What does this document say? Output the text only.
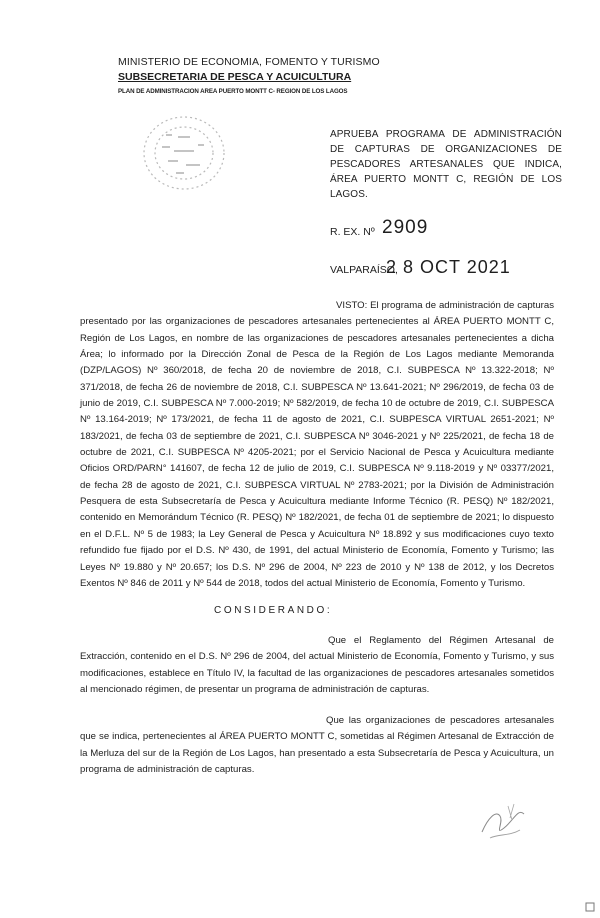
MINISTERIO DE ECONOMIA, FOMENTO Y TURISMO
SUBSECRETARIA DE PESCA Y ACUICULTURA
PLAN DE ADMINISTRACION AREA PUERTO MONTT C- REGION DE LOS LAGOS
APRUEBA PROGRAMA DE ADMINISTRACIÓN DE CAPTURAS DE ORGANIZACIONES DE PESCADORES ARTESANALES QUE INDICA, ÁREA PUERTO MONTT C, REGIÓN DE LOS LAGOS.
R. EX. Nº 2909
VALPARAÍSO,
2 8 OCT 2021
VISTO: El programa de administración de capturas presentado por las organizaciones de pescadores artesanales pertenecientes al ÁREA PUERTO MONTT C, Región de Los Lagos, en nombre de las organizaciones de pescadores artesanales pertenecientes a dicha Área; lo informado por la Dirección Zonal de Pesca de la Región de Los Lagos mediante Memoranda (DZP/LAGOS) Nº 360/2018, de fecha 20 de noviembre de 2018, C.I. SUBPESCA Nº 13.322-2018; Nº 371/2018, de fecha 26 de noviembre de 2018, C.I. SUBPESCA Nº 13.641-2021; Nº 296/2019, de fecha 03 de junio de 2019, C.I. SUBPESCA Nº 7.000-2019; Nº 582/2019, de fecha 10 de octubre de 2019, C.I. SUBPESCA Nº 13.164-2019; Nº 173/2021, de fecha 11 de agosto de 2021, C.I. SUBPESCA VIRTUAL 2651-2021; Nº 183/2021, de fecha 03 de septiembre de 2021, C.I. SUBPESCA Nº 3046-2021 y Nº 225/2021, de fecha 18 de octubre de 2021, C.I. SUBPESCA Nº 4205-2021; por el Servicio Nacional de Pesca y Acuicultura mediante Oficios ORD/PARN° 141607, de fecha 12 de julio de 2019, C.I. SUBPESCA Nº 9.118-2019 y Nº 03377/2021, de fecha 28 de agosto de 2021, C.I. SUBPESCA VIRTUAL Nº 2783-2021; por la División de Administración Pesquera de esta Subsecretaría de Pesca y Acuicultura mediante Informe Técnico (R. PESQ) Nº 182/2021, contenido en Memorándum Técnico (R. PESQ) Nº 182/2021, de fecha 01 de septiembre de 2021; lo dispuesto en el D.F.L. Nº 5 de 1983; la Ley General de Pesca y Acuicultura Nº 18.892 y sus modificaciones cuyo texto refundido fue fijado por el D.S. Nº 430, de 1991, del actual Ministerio de Economía, Fomento y Turismo; las Leyes Nº 19.880 y Nº 20.657; los D.S. Nº 296 de 2004, Nº 223 de 2010 y Nº 138 de 2012, y los Decretos Exentos Nº 846 de 2011 y Nº 544 de 2018, todos del actual Ministerio de Economía, Fomento y Turismo.
CONSIDERANDO:
Que el Reglamento del Régimen Artesanal de Extracción, contenido en el D.S. Nº 296 de 2004, del actual Ministerio de Economía, Fomento y Turismo, y sus modificaciones, establece en Título IV, la facultad de las organizaciones de pescadores artesanales sometidos al mencionado régimen, de presentar un programa de administración de capturas.
Que las organizaciones de pescadores artesanales que se indica, pertenecientes al ÁREA PUERTO MONTT C, sometidas al Régimen Artesanal de Extracción de la Merluza del sur de la Región de Los Lagos, han presentado a esta Subsecretaría de Pesca y Acuicultura, un programa de administración de capturas.
